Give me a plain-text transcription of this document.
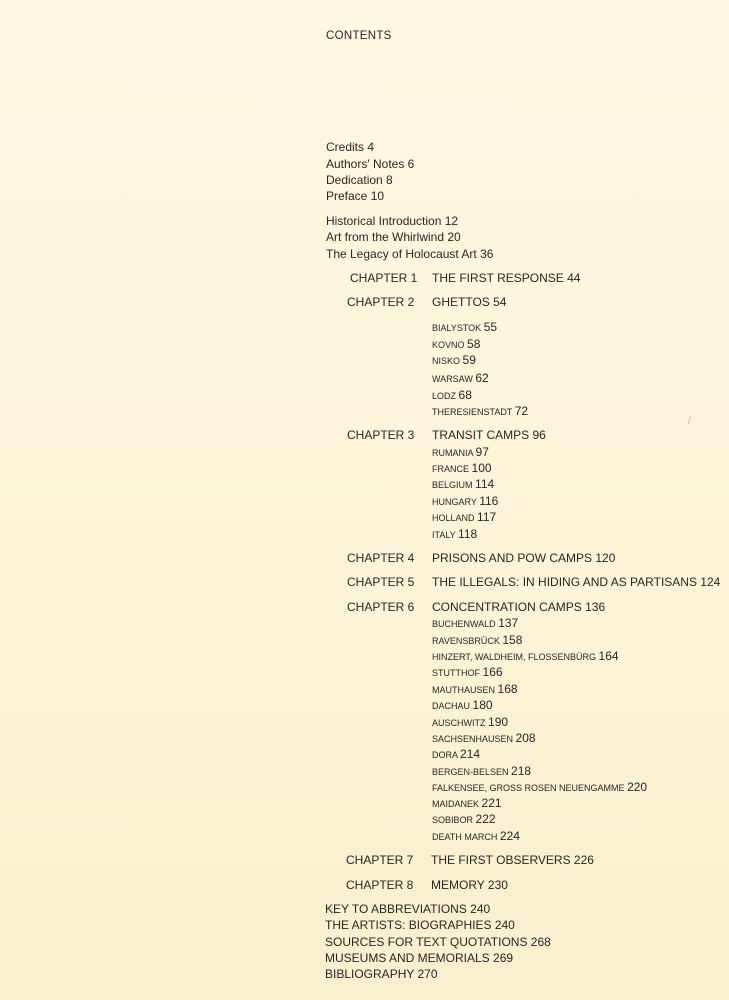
CONTENTS
Credits 4
Authors' Notes 6
Dedication 8
Preface 10
Historical Introduction 12
Art from the Whirlwind 20
The Legacy of Holocaust Art 36
CHAPTER 1 THE FIRST RESPONSE 44
CHAPTER 2 GHETTOS 54
BIALYSTOK 55
KOVNO 58
NISKO 59
WARSAW 62
LODZ 68
THERESIENSTADT 72
CHAPTER 3 TRANSIT CAMPS 96
RUMANIA 97
FRANCE 100
BELGIUM 114
HUNGARY 116
HOLLAND 117
ITALY 118
CHAPTER 4 PRISONS AND POW CAMPS 120
CHAPTER 5 THE ILLEGALS: IN HIDING AND AS PARTISANS 124
CHAPTER 6 CONCENTRATION CAMPS 136
BUCHENWALD 137
RAVENSBRÜCK 158
HINZERT, WALDHEIM, FLOSSENBÜRG 164
STUTTHOF 166
MAUTHAUSEN 168
DACHAU 180
AUSCHWITZ 190
SACHSENHAUSEN 208
DORA 214
BERGEN-BELSEN 218
FALKENSEE, GROSS ROSEN NEUENGAMME 220
MAIDANEK 221
SOBIBOR 222
DEATH MARCH 224
CHAPTER 7 THE FIRST OBSERVERS 226
CHAPTER 8 MEMORY 230
KEY TO ABBREVIATIONS 240
THE ARTISTS: BIOGRAPHIES 240
SOURCES FOR TEXT QUOTATIONS 268
MUSEUMS AND MEMORIALS 269
BIBLIOGRAPHY 270
/
